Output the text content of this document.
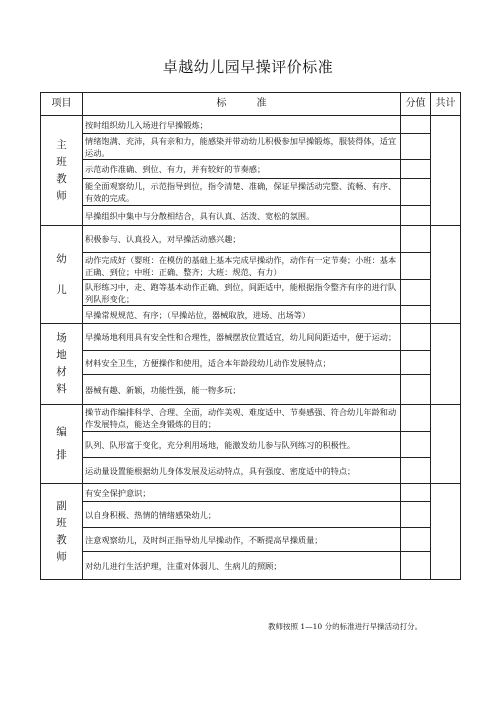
卓越幼儿园早操评价标准
项目	标 准	分值	共计

主
班
教
师	按时组织幼儿入场进行早操锻炼；		
	情绪饱满、充沛，具有亲和力，能感染并带动幼儿积极参加早操锻炼，服装得体，适宜运动。		
	示范动作准确、到位、有力，并有较好的节奏感；		
	能全面观察幼儿，示范指导到位，指令清楚、准确，保证早操活动完整、流畅、有序、有效的完成。		
	早操组织中集中与分散相结合，具有认真、活泼、宽松的氛围。		

幼
儿	积极参与、认真投入，对早操活动感兴趣；		
	动作完成好（婴班：在模仿的基础上基本完成早操动作，动作有一定节奏；小班：基本正确、到位；中班：正确、整齐；大班：规范、有力）		
	队形练习中，走、跑等基本动作正确、到位，间距适中，能根据指令整齐有序的进行队列队形变化；		
	早操常规规范、有序；（早操站位，器械取放，进场、出场等）		

场
地
材
料	早操场地利用具有安全性和合理性，器械摆放位置适宜，幼儿间间距适中，便于运动；		
	材料安全卫生，方便操作和使用，适合本年龄段幼儿动作发展特点；		
	器械有趣、新颖，功能性强，能一物多玩；		

编
排	操节动作编排科学、合理、全面，动作美观、难度适中、节奏感强、符合幼儿年龄和动作发展特点，能达全身锻炼的目的；		
	队列、队形富于变化，充分利用场地，能激发幼儿参与队列练习的积极性。		
	运动量设置能根据幼儿身体发展及运动特点，具有强度、密度适中的特点；		

副
班
教
师	有安全保护意识；		
	以自身积极、热情的情绪感染幼儿；		
	注意观察幼儿，及时纠正指导幼儿早操动作，不断提高早操质量；		
	对幼儿进行生活护理，注重对体弱儿、生病儿的照顾；		
教师按照 1—10 分的标准进行早操活动打分。
